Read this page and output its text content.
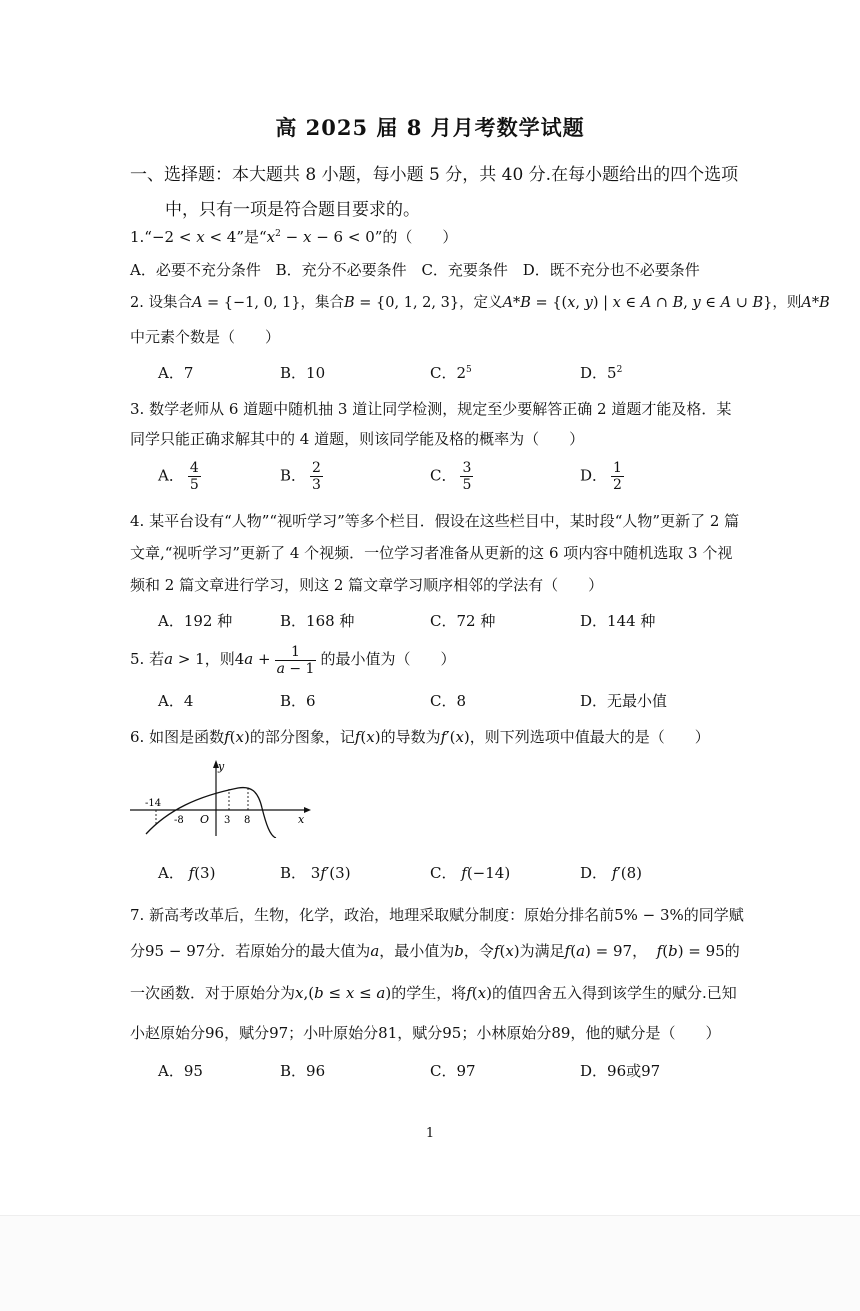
高 2025 届 8 月月考数学试题
一、选择题：本大题共 8 小题，每小题 5 分，共 40 分.在每小题给出的四个选项
中，只有一项是符合题目要求的。
1.“−2 < x < 4”是“$x^2 - x - 6 < 0$”的（　　）
A．必要不充分条件 B．充分不必要条件 C．充要条件 D．既不充分也不必要条件
2. 设集合A = {−1, 0, 1}，集合B = {0, 1, 2, 3}，定义A*B = {(x, y) | x ∈ A ∩ B, y ∈ A ∪ B}，则A*B
中元素个数是（　　）
A．7	B．10	C．$2^5$	D．$5^2$
3. 数学老师从 6 道题中随机抽 3 道让同学检测，规定至少要解答正确 2 道题才能及格．某
同学只能正确求解其中的 4 道题，则该同学能及格的概率为（　　）
A． $\frac{4}{5}$	B． $\frac{2}{3}$	C． $\frac{3}{5}$	D． $\frac{1}{2}$
4. 某平台设有“人物”“视听学习”等多个栏目．假设在这些栏目中，某时段“人物”更新了 2 篇
文章,“视听学习”更新了 4 个视频．一位学习者准备从更新的这 6 项内容中随机选取 3 个视
频和 2 篇文章进行学习，则这 2 篇文章学习顺序相邻的学法有（　　）
A．192 种	B．168 种	C．72 种	D．144 种
5. 若a > 1，则$4a + \frac{1}{a - 1}$ 的最小值为（　　）
A．4	B．6	C．8	D．无最小值
6. 如图是函数f(x)的部分图象，记f(x)的导数为f′(x)，则下列选项中值最大的是（　　）
y
x
O
-14
-8	3 8
A． f(3)	B． 3f′(3)	C． f(−14)	D． f′(8)
7. 新高考改革后，生物，化学，政治，地理采取赋分制度：原始分排名前5% − 3%的同学赋
分95 − 97分．若原始分的最大值为a，最小值为b，令f(x)为满足f(a) = 97， f(b) = 95的
一次函数．对于原始分为x,(b ≤ x ≤ a)的学生，将f(x)的值四舍五入得到该学生的赋分.已知
小赵原始分96，赋分97；小叶原始分81，赋分95；小林原始分89，他的赋分是（　　）
A．95	B．96	C．97	D．96或97
1
